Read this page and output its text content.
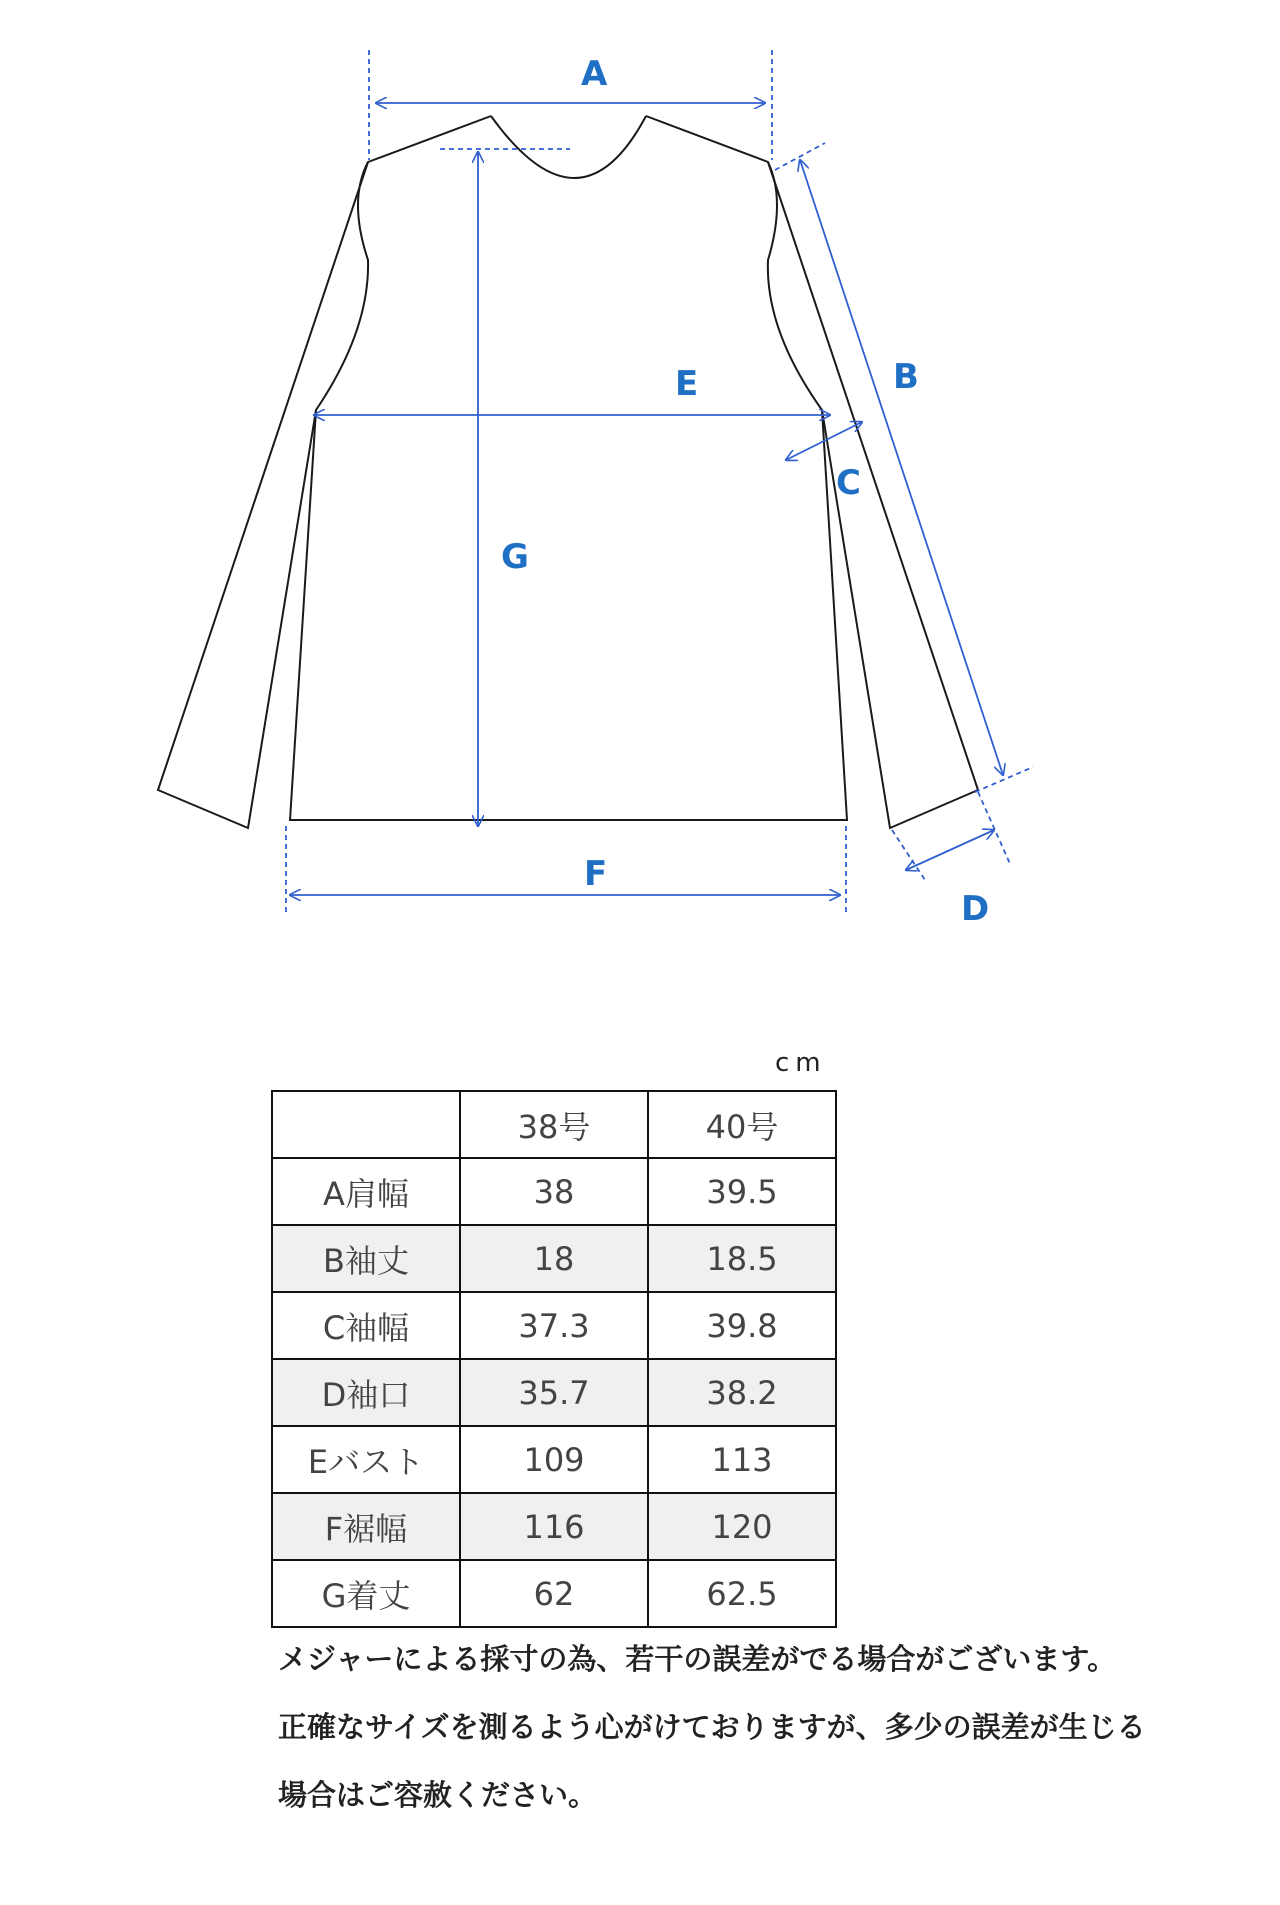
A
B
C
D
E
F
G
cm
	38号	40号
A肩幅	38	39.5
B袖丈	18	18.5
C袖幅	37.3	39.8
D袖口	35.7	38.2
Eバスト	109	113
F裾幅	116	120
G着丈	62	62.5
メジャーによる採寸の為、若干の誤差がでる場合がございます。
正確なサイズを測るよう心がけておりますが、多少の誤差が生じる
場合はご容赦ください。
